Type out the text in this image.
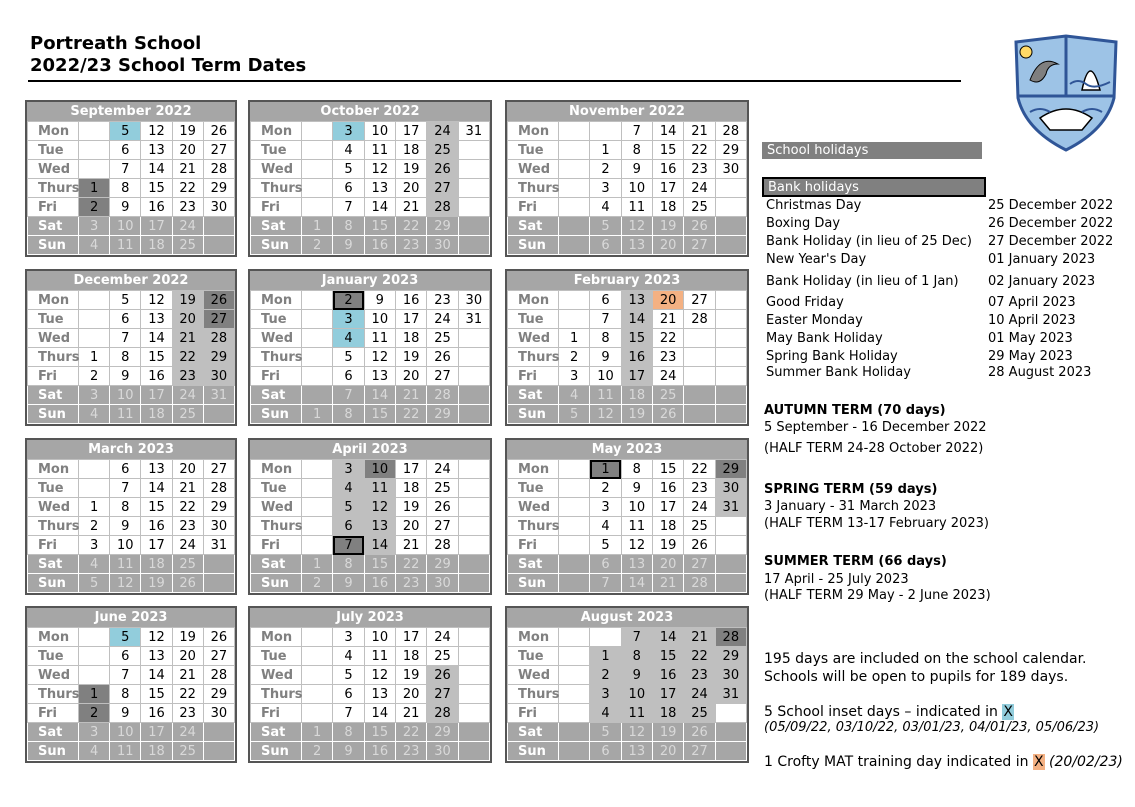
Portreath School
2022/23 School Term Dates
September 2022
Mon		5	12	19	26
Tue		6	13	20	27
Wed		7	14	21	28
Thurs	1	8	15	22	29
Fri	2	9	16	23	30
Sat	3	10	17	24	
Sun	4	11	18	25	
October 2022
Mon		3	10	17	24	31
Tue		4	11	18	25	
Wed		5	12	19	26	
Thurs		6	13	20	27	
Fri		7	14	21	28	
Sat	1	8	15	22	29	
Sun	2	9	16	23	30	
November 2022
Mon			7	14	21	28
Tue		1	8	15	22	29
Wed		2	9	16	23	30
Thurs		3	10	17	24	
Fri		4	11	18	25	
Sat		5	12	19	26	
Sun		6	13	20	27	
December 2022
Mon		5	12	19	26
Tue		6	13	20	27
Wed		7	14	21	28
Thurs	1	8	15	22	29
Fri	2	9	16	23	30
Sat	3	10	17	24	31
Sun	4	11	18	25	
January 2023
Mon		2	9	16	23	30
Tue		3	10	17	24	31
Wed		4	11	18	25	
Thurs		5	12	19	26	
Fri		6	13	20	27	
Sat		7	14	21	28	
Sun	1	8	15	22	29	
February 2023
Mon		6	13	20	27	
Tue		7	14	21	28	
Wed	1	8	15	22		
Thurs	2	9	16	23		
Fri	3	10	17	24		
Sat	4	11	18	25		
Sun	5	12	19	26		
March 2023
Mon		6	13	20	27
Tue		7	14	21	28
Wed	1	8	15	22	29
Thurs	2	9	16	23	30
Fri	3	10	17	24	31
Sat	4	11	18	25	
Sun	5	12	19	26	
April 2023
Mon		3	10	17	24	
Tue		4	11	18	25	
Wed		5	12	19	26	
Thurs		6	13	20	27	
Fri		7	14	21	28	
Sat	1	8	15	22	29	
Sun	2	9	16	23	30	
May 2023
Mon		1	8	15	22	29
Tue		2	9	16	23	30
Wed		3	10	17	24	31
Thurs		4	11	18	25	
Fri		5	12	19	26	
Sat		6	13	20	27	
Sun		7	14	21	28	
June 2023
Mon		5	12	19	26
Tue		6	13	20	27
Wed		7	14	21	28
Thurs	1	8	15	22	29
Fri	2	9	16	23	30
Sat	3	10	17	24	
Sun	4	11	18	25	
July 2023
Mon		3	10	17	24	
Tue		4	11	18	25	
Wed		5	12	19	26	
Thurs		6	13	20	27	
Fri		7	14	21	28	
Sat	1	8	15	22	29	
Sun	2	9	16	23	30	
August 2023
Mon			7	14	21	28
Tue		1	8	15	22	29
Wed		2	9	16	23	30
Thurs		3	10	17	24	31
Fri		4	11	18	25	
Sat		5	12	19	26	
Sun		6	13	20	27	
School holidays
Bank holidays
Christmas Day	25 December 2022
Boxing Day	26 December 2022
Bank Holiday (in lieu of 25 Dec) 27 December 2022
New Year's Day	01 January 2023
Bank Holiday (in lieu of 1 Jan) 02 January 2023
Good Friday	07 April 2023
Easter Monday	10 April 2023
May Bank Holiday	01 May 2023
Spring Bank Holiday	29 May 2023
Summer Bank Holiday	28 August 2023
AUTUMN TERM (70 days)
5 September - 16 December 2022
(HALF TERM 24-28 October 2022)
SPRING TERM (59 days)
3 January - 31 March 2023
(HALF TERM 13-17 February 2023)
SUMMER TERM (66 days)
17 April - 25 July 2023
(HALF TERM 29 May - 2 June 2023)
195 days are included on the school calendar.
Schools will be open to pupils for 189 days.
5 School inset days – indicated in X
(05/09/22, 03/10/22, 03/01/23, 04/01/23, 05/06/23)
1 Crofty MAT training day indicated in X (20/02/23)
